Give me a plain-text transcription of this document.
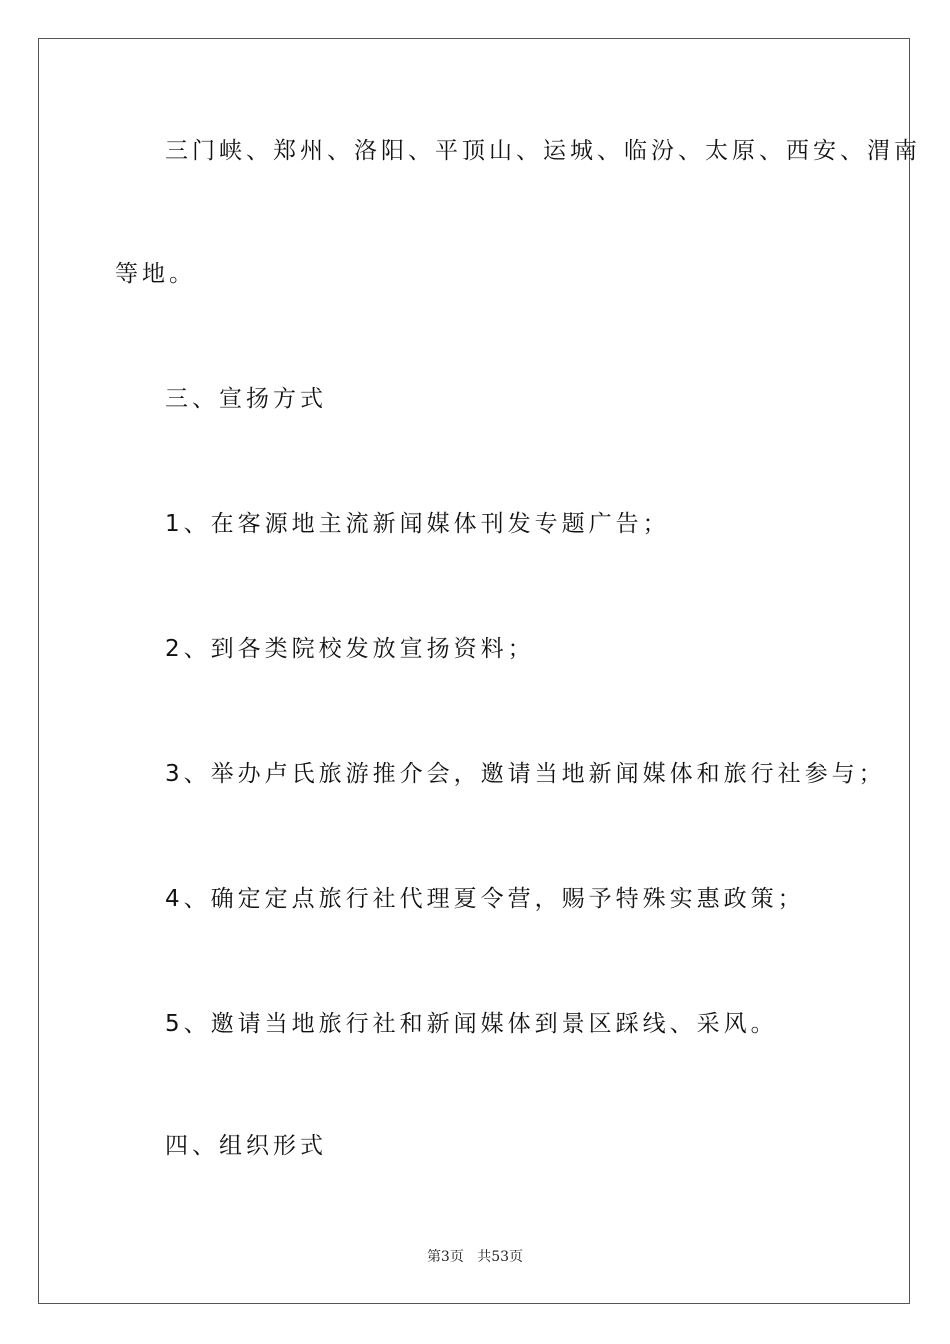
三门峡、郑州、洛阳、平顶山、运城、临汾、太原、西安、渭南
等地。
三、宣扬方式
1、在客源地主流新闻媒体刊发专题广告；
2、到各类院校发放宣扬资料；
3、举办卢氏旅游推介会，邀请当地新闻媒体和旅行社参与；
4、确定定点旅行社代理夏令营，赐予特殊实惠政策；
5、邀请当地旅行社和新闻媒体到景区踩线、采风。
四、组织形式
第3页 共53页
